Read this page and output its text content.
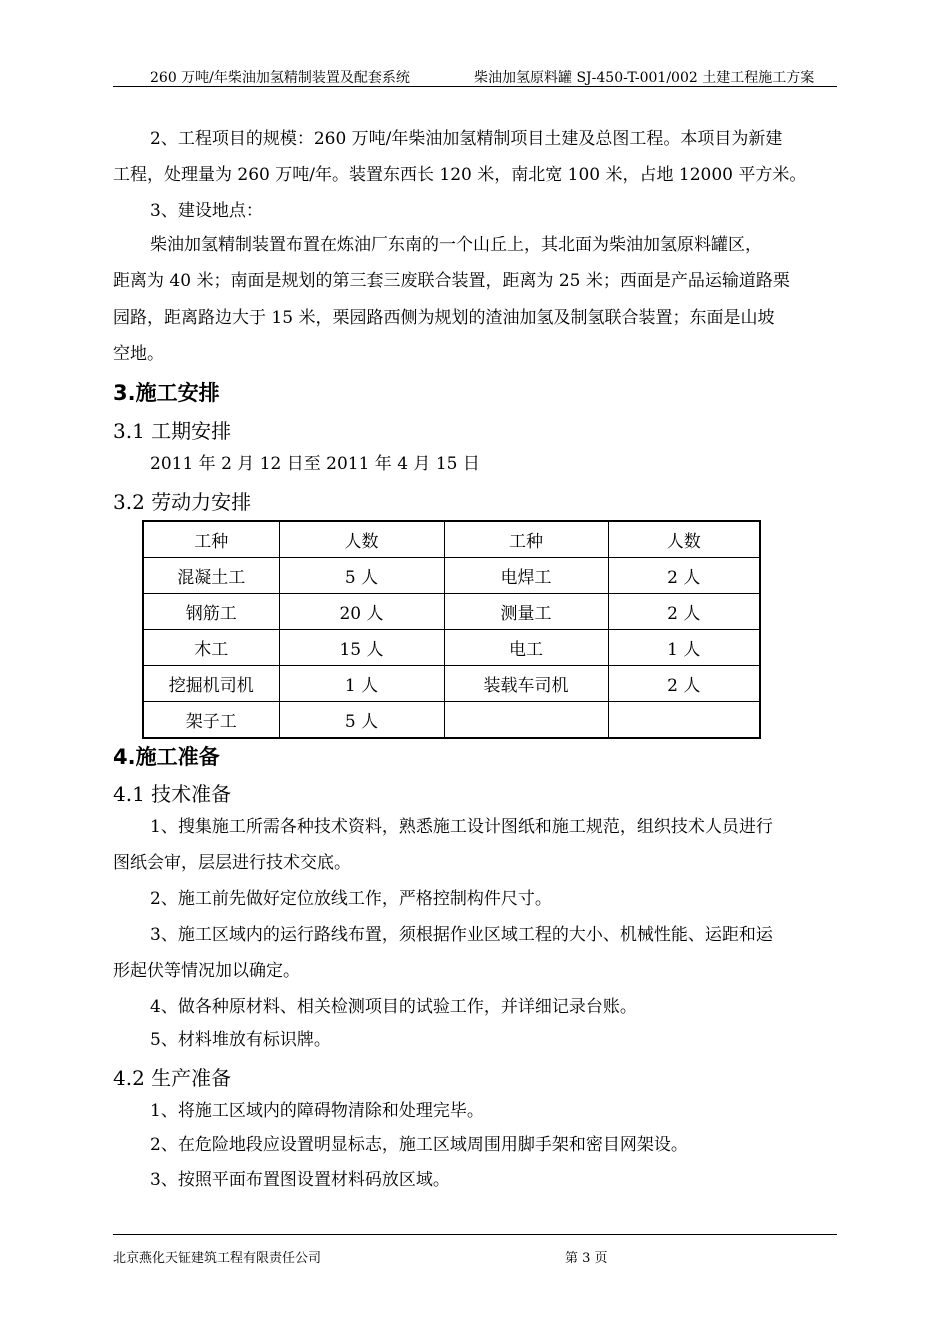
260 万吨/年柴油加氢精制装置及配套系统	柴油加氢原料罐 SJ-450-T-001/002 土建工程施工方案
2、工程项目的规模：260 万吨/年柴油加氢精制项目土建及总图工程。本项目为新建
工程，处理量为 260 万吨/年。装置东西长 120 米，南北宽 100 米，占地 12000 平方米。
3、建设地点：
柴油加氢精制装置布置在炼油厂东南的一个山丘上，其北面为柴油加氢原料罐区，
距离为 40 米；南面是规划的第三套三废联合装置，距离为 25 米；西面是产品运输道路栗
园路，距离路边大于 15 米，栗园路西侧为规划的渣油加氢及制氢联合装置；东面是山坡
空地。
3.施工安排
3.1 工期安排
2011 年 2 月 12 日至 2011 年 4 月 15 日
3.2 劳动力安排
工种	人数	工种	人数
混凝土工	5 人	电焊工	2 人
钢筋工	20 人	测量工	2 人
木工	15 人	电工	1 人
挖掘机司机	1 人	装载车司机	2 人
架子工	5 人		
4.施工准备
4.1 技术准备
1、搜集施工所需各种技术资料，熟悉施工设计图纸和施工规范，组织技术人员进行
图纸会审，层层进行技术交底。
2、施工前先做好定位放线工作，严格控制构件尺寸。
3、施工区域内的运行路线布置，须根据作业区域工程的大小、机械性能、运距和运
形起伏等情况加以确定。
4、做各种原材料、相关检测项目的试验工作，并详细记录台账。
5、材料堆放有标识牌。
4.2 生产准备
1、将施工区域内的障碍物清除和处理完毕。
2、在危险地段应设置明显标志，施工区域周围用脚手架和密目网架设。
3、按照平面布置图设置材料码放区域。
北京燕化天钲建筑工程有限责任公司	第 3 页
